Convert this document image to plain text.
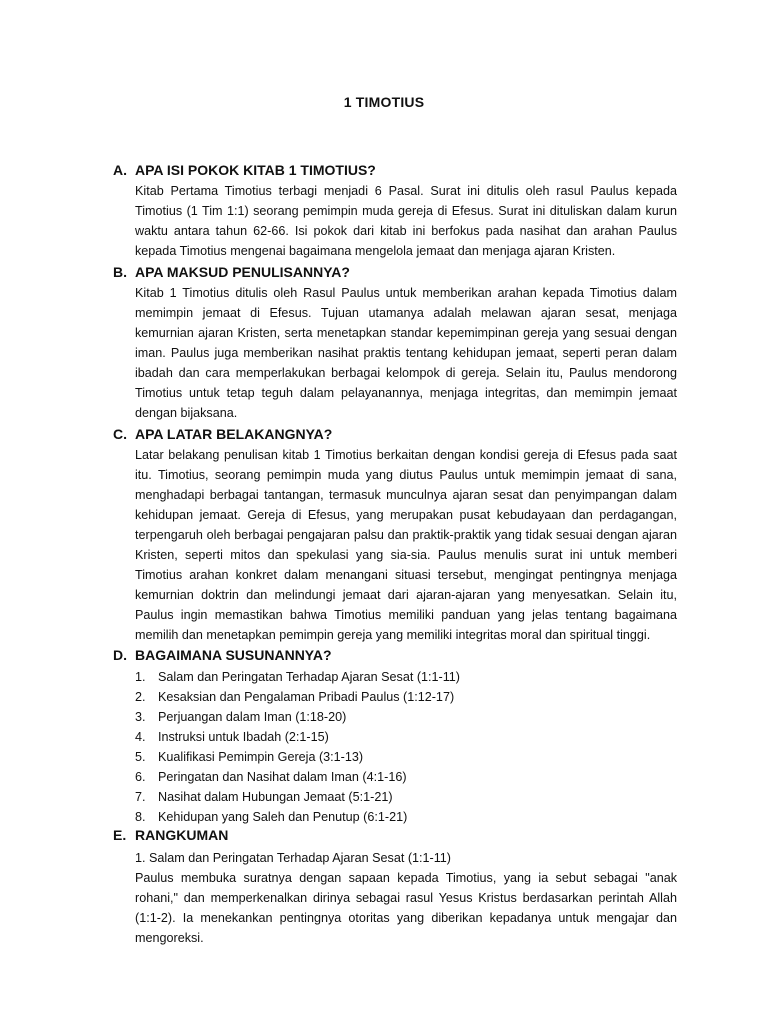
1 TIMOTIUS
A. APA ISI POKOK KITAB 1 TIMOTIUS?

Kitab Pertama Timotius terbagi menjadi 6 Pasal. Surat ini ditulis oleh rasul Paulus kepada Timotius (1 Tim 1:1) seorang pemimpin muda gereja di Efesus. Surat ini dituliskan dalam kurun waktu antara tahun 62-66. Isi pokok dari kitab ini berfokus pada nasihat dan arahan Paulus kepada Timotius mengenai bagaimana mengelola jemaat dan menjaga ajaran Kristen.

B. APA MAKSUD PENULISANNYA?

Kitab 1 Timotius ditulis oleh Rasul Paulus untuk memberikan arahan kepada Timotius dalam memimpin jemaat di Efesus. Tujuan utamanya adalah melawan ajaran sesat, menjaga kemurnian ajaran Kristen, serta menetapkan standar kepemimpinan gereja yang sesuai dengan iman. Paulus juga memberikan nasihat praktis tentang kehidupan jemaat, seperti peran dalam ibadah dan cara memperlakukan berbagai kelompok di gereja. Selain itu, Paulus mendorong Timotius untuk tetap teguh dalam pelayanannya, menjaga integritas, dan memimpin jemaat dengan bijaksana.

C. APA LATAR BELAKANGNYA?

Latar belakang penulisan kitab 1 Timotius berkaitan dengan kondisi gereja di Efesus pada saat itu. Timotius, seorang pemimpin muda yang diutus Paulus untuk memimpin jemaat di sana, menghadapi berbagai tantangan, termasuk munculnya ajaran sesat dan penyimpangan dalam kehidupan jemaat. Gereja di Efesus, yang merupakan pusat kebudayaan dan perdagangan, terpengaruh oleh berbagai pengajaran palsu dan praktik-praktik yang tidak sesuai dengan ajaran Kristen, seperti mitos dan spekulasi yang sia-sia. Paulus menulis surat ini untuk memberi Timotius arahan konkret dalam menangani situasi tersebut, mengingat pentingnya menjaga kemurnian doktrin dan melindungi jemaat dari ajaran-ajaran yang menyesatkan. Selain itu, Paulus ingin memastikan bahwa Timotius memiliki panduan yang jelas tentang bagaimana memilih dan menetapkan pemimpin gereja yang memiliki integritas moral dan spiritual tinggi.

D. BAGAIMANA SUSUNANNYA?
1. Salam dan Peringatan Terhadap Ajaran Sesat (1:1-11)
2. Kesaksian dan Pengalaman Pribadi Paulus (1:12-17)
3. Perjuangan dalam Iman (1:18-20)
4. Instruksi untuk Ibadah (2:1-15)
5. Kualifikasi Pemimpin Gereja (3:1-13)
6. Peringatan dan Nasihat dalam Iman (4:1-16)
7. Nasihat dalam Hubungan Jemaat (5:1-21)
8. Kehidupan yang Saleh dan Penutup (6:1-21)
E. RANGKUMAN
1. Salam dan Peringatan Terhadap Ajaran Sesat (1:1-11)

Paulus membuka suratnya dengan sapaan kepada Timotius, yang ia sebut sebagai "anak rohani," dan memperkenalkan dirinya sebagai rasul Yesus Kristus berdasarkan perintah Allah (1:1-2). Ia menekankan pentingnya otoritas yang diberikan kepadanya untuk mengajar dan mengoreksi.
